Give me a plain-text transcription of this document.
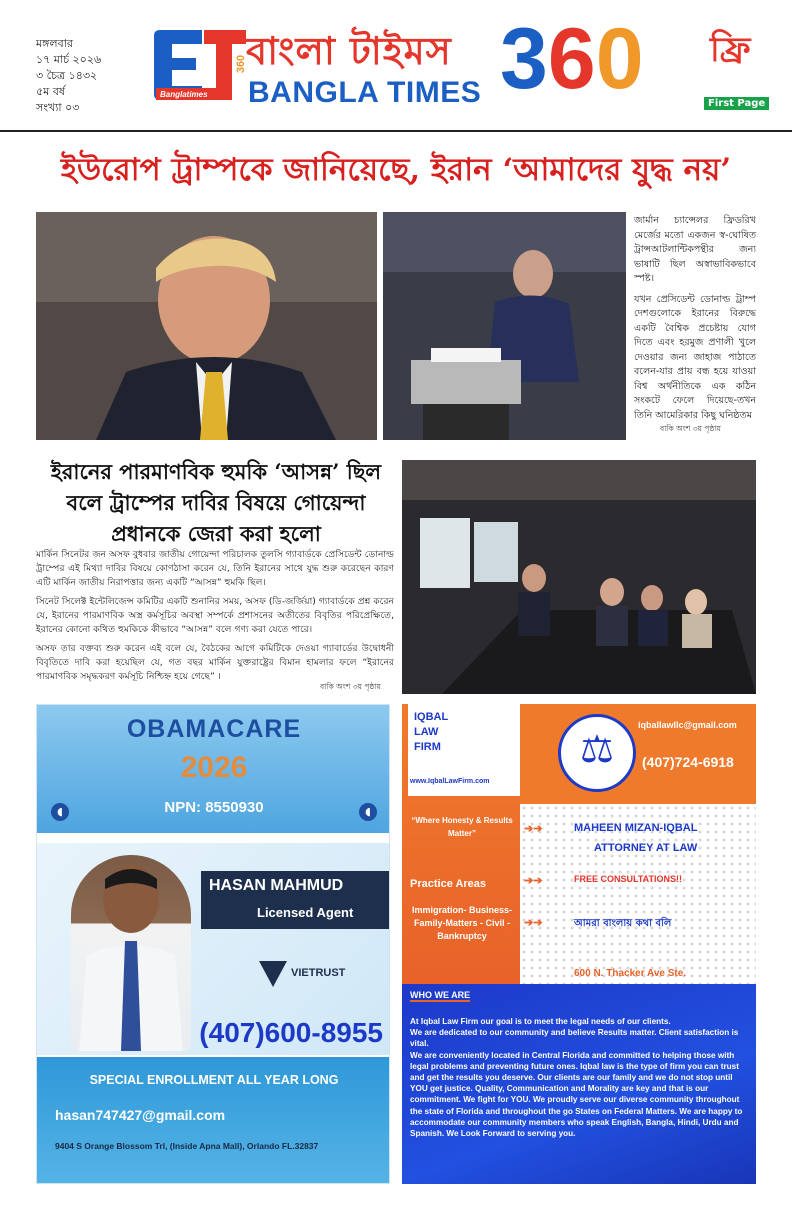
মঙ্গলবার
১৭ মার্চ ২০২৬
৩ চৈত্র ১৪৩২
৫ম বর্ষ
সংখ্যা ০৩
Banglatimes
360
বাংলা টাইমস
BANGLA TIMES 360 ফ্রি
First Page
ইউরোপ ট্রাম্পকে জানিয়েছে, ইরান ‘আমাদের যুদ্ধ নয়’

জার্মান চ্যান্সেলর ফ্রিডরিখ মের্জের মতো একজন স্ব-ঘোষিত ট্রান্সআটলান্টিকপন্থীর জন্য ভাষাটি ছিল অস্বাভাবিকভাবে স্পষ্ট।

যখন প্রেসিডেন্ট ডোনাল্ড ট্রাম্প দেশগুলোকে ইরানের বিরুদ্ধে একটি বৈশ্বিক প্রচেষ্টায় যোগ দিতে এবং হরমুজ প্রণালী খুলে দেওয়ার জন্য জাহাজ পাঠাতে বলেন-যার প্রায় বন্ধ হয়ে যাওয়া বিশ্ব অর্থনীতিকে এক কঠিন সংকটে ফেলে দিয়েছে-তখন তিনি আমেরিকার কিছু ঘনিষ্ঠতম

বাকি অংশ ৩য় পৃষ্ঠায়
ইরানের পারমাণবিক হুমকি ‘আসন্ন’ ছিল বলে ট্রাম্পের দাবির বিষয়ে গোয়েন্দা প্রধানকে জেরা করা হলো

মার্কিন সিনেটর জন অসফ বুধবার জাতীয় গোয়েন্দা পরিচালক তুলসি গ্যাবার্ডকে প্রেসিডেন্ট ডোনাল্ড ট্রাম্পের এই মিথ্যা দাবির বিষয়ে কোণঠাসা করেন যে, তিনি ইরানের সাথে যুদ্ধ শুরু করেছেন কারণ এটি মার্কিন জাতীয় নিরাপত্তার জন্য একটি “আসন্ন” হুমকি ছিল।

সিনেট সিলেক্ট ইন্টেলিজেন্স কমিটির একটি শুনানির সময়, অসফ (ডি-জর্জিয়া) গ্যাবার্ডকে প্রশ্ন করেন যে, ইরানের পারমাণবিক অস্ত্র কর্মসূচির অবস্থা সম্পর্কে প্রশাসনের অতীতের বিবৃতির পরিপ্রেক্ষিতে, ইরানের কোনো কথিত হুমকিকে কীভাবে “আসন্ন” বলে গণ্য করা যেতে পারে।

অসফ তার বক্তব্য শুরু করেন এই বলে যে, বৈঠকের আগে কমিটিকে দেওয়া গ্যাবার্ডের উদ্বোধনী বিবৃতিতে দাবি করা হয়েছিল যে, গত বছর মার্কিন যুক্তরাষ্ট্রের বিমান হামলার ফলে “ইরানের পারমাণবিক সমৃদ্ধকরণ কর্মসূচি নিশ্চিহ্ন হয়ে গেছে” ।

বাকি অংশ ৩য় পৃষ্ঠায়
OBAMACARE
2026
◖	NPN: 8550930	◖
HASAN MAHMUD
Licensed Agent
VIETRUST
(407)600-8955
SPECIAL ENROLLMENT ALL YEAR LONG
hasan747427@gmail.com
9404 S Orange Blossom Trl, (Inside Apna Mall), Orlando FL.32837
IQBAL
LAW
FIRM
www.IqbalLawFirm.com
“Where Honesty & Results Matter”
Practice Areas
Immigration- Business- Family-Matters - Civil - Bankruptcy
⚖
iqballawllc@gmail.com
(407)724-6918
➔➔	MAHEEN MIZAN-IQBAL
ATTORNEY AT LAW
➔➔	FREE CONSULTATIONS!!
➔➔	আমরা বাংলায় কথা বলি
600 N. Thacker Ave Ste.
WHO WE ARE

At Iqbal Law Firm our goal is to meet the legal needs of our clients.

We are dedicated to our community and believe Results matter. Client satisfaction is vital.

We are conveniently located in Central Florida and committed to helping those with legal problems and preventing future ones. Iqbal law is the type of firm you can trust and get the results you deserve. Our clients are our family and we do not stop until YOU get justice. Quality, Communication and Morality are key and that is our commitment. We fight for YOU. We proudly serve our diverse community throughout the state of Florida and throughout the go States on Federal Matters. We are happy to accommodate our community members who speak English, Bangla, Hindi, Urdu and Spanish. We Look Forward to serving you.
